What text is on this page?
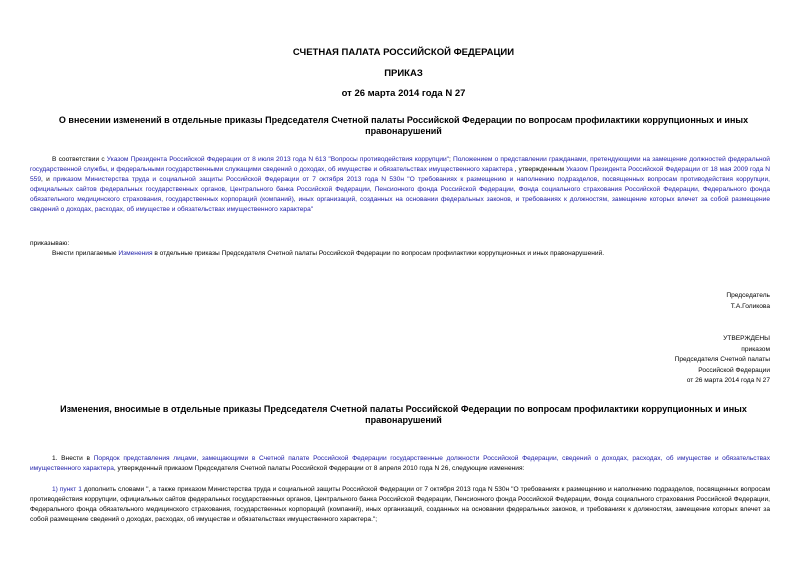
СЧЕТНАЯ ПАЛАТА РОССИЙСКОЙ ФЕДЕРАЦИИ
ПРИКАЗ
от 26 марта 2014 года N 27
О внесении изменений в отдельные приказы Председателя Счетной палаты Российской Федерации по вопросам профилактики коррупционных и иных правонарушений
В соответствии с Указом Президента Российской Федерации от 8 июля 2013 года N 613 "Вопросы противодействия коррупции"; Положением о представлении гражданами, претендующими на замещение должностей федеральной государственной службы, и федеральными государственными служащими сведений о доходах, об имуществе и обязательствах имущественного характера , утвержденным Указом Президента Российской Федерации от 18 мая 2009 года N 559, и приказом Министерства труда и социальной защиты Российской Федерации от 7 октября 2013 года N 530н "О требованиях к размещению и наполнению подразделов, посвященных вопросам противодействия коррупции, официальных сайтов федеральных государственных органов, Центрального банка Российской Федерации, Пенсионного фонда Российской Федерации, Фонда социального страхования Российской Федерации, Федерального фонда обязательного медицинского страхования, государственных корпораций (компаний), иных организаций, созданных на основании федеральных законов, и требованиях к должностям, замещение которых влечет за собой размещение сведений о доходах, расходах, об имуществе и обязательствах имущественного характера"
приказываю:
Внести прилагаемые Изменения в отдельные приказы Председателя Счетной палаты Российской Федерации по вопросам профилактики коррупционных и иных правонарушений.
Председатель
Т.А.Голикова
УТВЕРЖДЕНЫ
приказом
Председателя Счетной палаты
Российской Федерации
от 26 марта 2014 года N 27
Изменения, вносимые в отдельные приказы Председателя Счетной палаты Российской Федерации по вопросам профилактики коррупционных и иных правонарушений
1. Внести в Порядок представления лицами, замещающими в Счетной палате Российской Федерации государственные должности Российской Федерации, сведений о доходах, расходах, об имуществе и обязательствах имущественного характера, утвержденный приказом Председателя Счетной палаты Российской Федерации от 8 апреля 2010 года N 26, следующие изменения:
1) пункт 1 дополнить словами ", а также приказом Министерства труда и социальной защиты Российской Федерации от 7 октября 2013 года N 530н "О требованиях к размещению и наполнению подразделов, посвященных вопросам противодействия коррупции, официальных сайтов федеральных государственных органов, Центрального банка Российской Федерации, Пенсионного фонда Российской Федерации, Фонда социального страхования Российской Федерации, Федерального фонда обязательного медицинского страхования, государственных корпораций (компаний), иных организаций, созданных на основании федеральных законов, и требованиях к должностям, замещение которых влечет за собой размещение сведений о доходах, расходах, об имуществе и обязательствах имущественного характера.";
